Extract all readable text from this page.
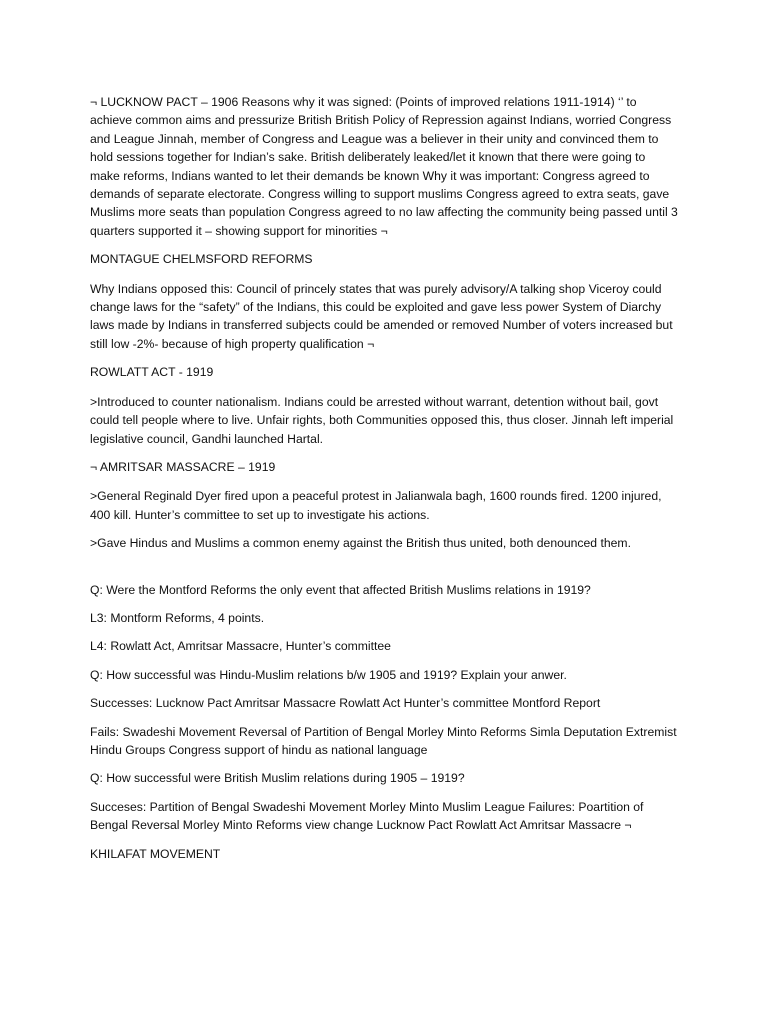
¬ LUCKNOW PACT – 1906 Reasons why it was signed: (Points of improved relations 1911-1914) ‘’ to achieve common aims and pressurize British British Policy of Repression against Indians, worried Congress and League Jinnah, member of Congress and League was a believer in their unity and convinced them to hold sessions together for Indian’s sake. British deliberately leaked/let it known that there were going to make reforms, Indians wanted to let their demands be known Why it was important: Congress agreed to demands of separate electorate. Congress willing to support muslims Congress agreed to extra seats, gave Muslims more seats than population Congress agreed to no law affecting the community being passed until 3 quarters supported it – showing support for minorities ¬

MONTAGUE CHELMSFORD REFORMS

Why Indians opposed this: Council of princely states that was purely advisory/A talking shop Viceroy could change laws for the “safety” of the Indians, this could be exploited and gave less power System of Diarchy laws made by Indians in transferred subjects could be amended or removed Number of voters increased but still low -2%- because of high property qualification ¬

ROWLATT ACT - 1919

>Introduced to counter nationalism. Indians could be arrested without warrant, detention without bail, govt could tell people where to live. Unfair rights, both Communities opposed this, thus closer. Jinnah left imperial legislative council, Gandhi launched Hartal.

¬ AMRITSAR MASSACRE – 1919

>General Reginald Dyer fired upon a peaceful protest in Jalianwala bagh, 1600 rounds fired. 1200 injured, 400 kill. Hunter’s committee to set up to investigate his actions.

>Gave Hindus and Muslims a common enemy against the British thus united, both denounced them.

Q: Were the Montford Reforms the only event that affected British Muslims relations in 1919?

L3: Montform Reforms, 4 points.

L4: Rowlatt Act, Amritsar Massacre, Hunter’s committee

Q: How successful was Hindu-Muslim relations b/w 1905 and 1919? Explain your anwer.

Successes: Lucknow Pact Amritsar Massacre Rowlatt Act Hunter’s committee Montford Report

Fails: Swadeshi Movement Reversal of Partition of Bengal Morley Minto Reforms Simla Deputation Extremist Hindu Groups Congress support of hindu as national language

Q: How successful were British Muslim relations during 1905 – 1919?

Succeses: Partition of Bengal Swadeshi Movement Morley Minto Muslim League Failures: Poartition of Bengal Reversal Morley Minto Reforms view change Lucknow Pact Rowlatt Act Amritsar Massacre ¬

KHILAFAT MOVEMENT
